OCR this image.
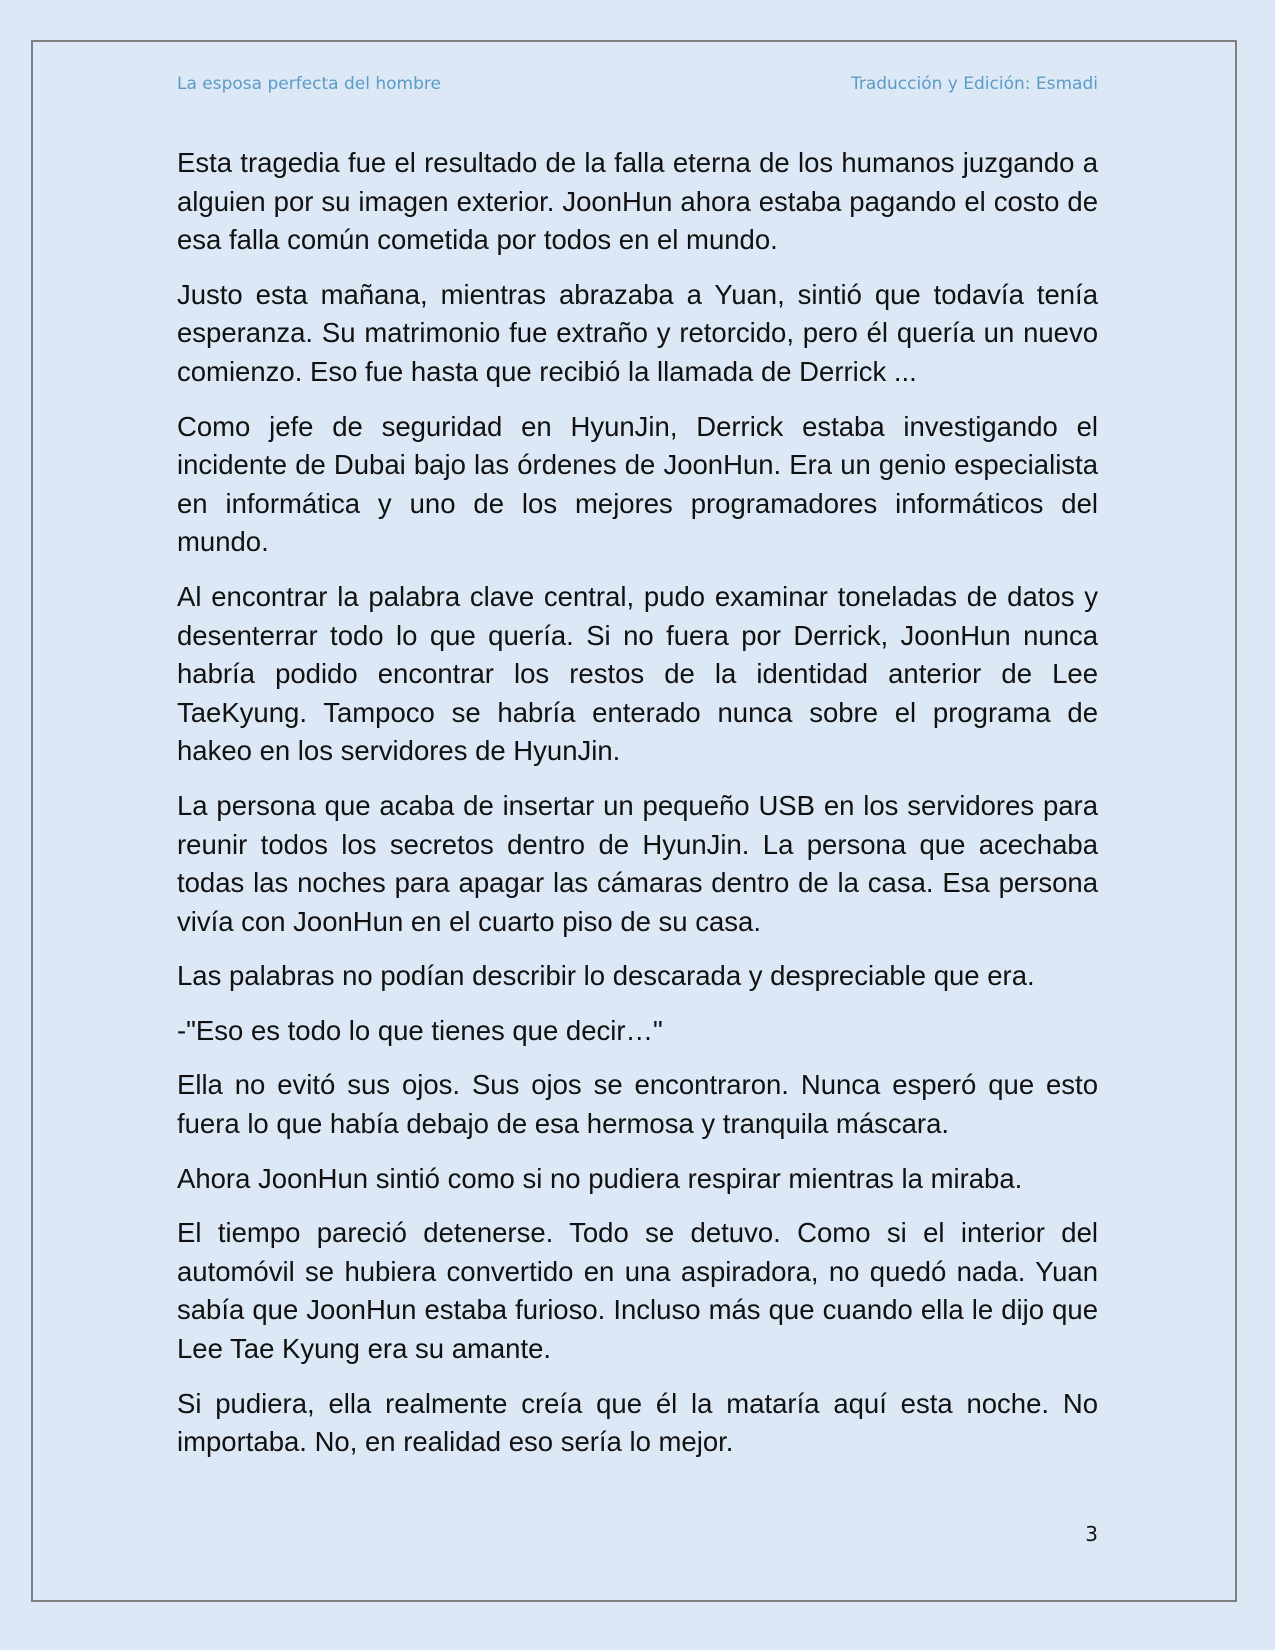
La esposa perfecta del hombre	Traducción y Edición: Esmadi

Esta tragedia fue el resultado de la falla eterna de los humanos juzgando a alguien por su imagen exterior. JoonHun ahora estaba pagando el costo de esa falla común cometida por todos en el mundo.

Justo esta mañana, mientras abrazaba a Yuan, sintió que todavía tenía esperanza. Su matrimonio fue extraño y retorcido, pero él quería un nuevo comienzo. Eso fue hasta que recibió la llamada de Derrick ...

Como jefe de seguridad en HyunJin, Derrick estaba investigando el incidente de Dubai bajo las órdenes de JoonHun. Era un genio especialista en informática y uno de los mejores programadores informáticos del mundo.

Al encontrar la palabra clave central, pudo examinar toneladas de datos y desenterrar todo lo que quería. Si no fuera por Derrick, JoonHun nunca habría podido encontrar los restos de la identidad anterior de Lee TaeKyung. Tampoco se habría enterado nunca sobre el programa de hakeo en los servidores de HyunJin.

La persona que acaba de insertar un pequeño USB en los servidores para reunir todos los secretos dentro de HyunJin. La persona que acechaba todas las noches para apagar las cámaras dentro de la casa. Esa persona vivía con JoonHun en el cuarto piso de su casa.

Las palabras no podían describir lo descarada y despreciable que era.

-"Eso es todo lo que tienes que decir…"

Ella no evitó sus ojos. Sus ojos se encontraron. Nunca esperó que esto fuera lo que había debajo de esa hermosa y tranquila máscara.

Ahora JoonHun sintió como si no pudiera respirar mientras la miraba.

El tiempo pareció detenerse. Todo se detuvo. Como si el interior del automóvil se hubiera convertido en una aspiradora, no quedó nada. Yuan sabía que JoonHun estaba furioso. Incluso más que cuando ella le dijo que Lee Tae Kyung era su amante.

Si pudiera, ella realmente creía que él la mataría aquí esta noche. No importaba. No, en realidad eso sería lo mejor.

3
